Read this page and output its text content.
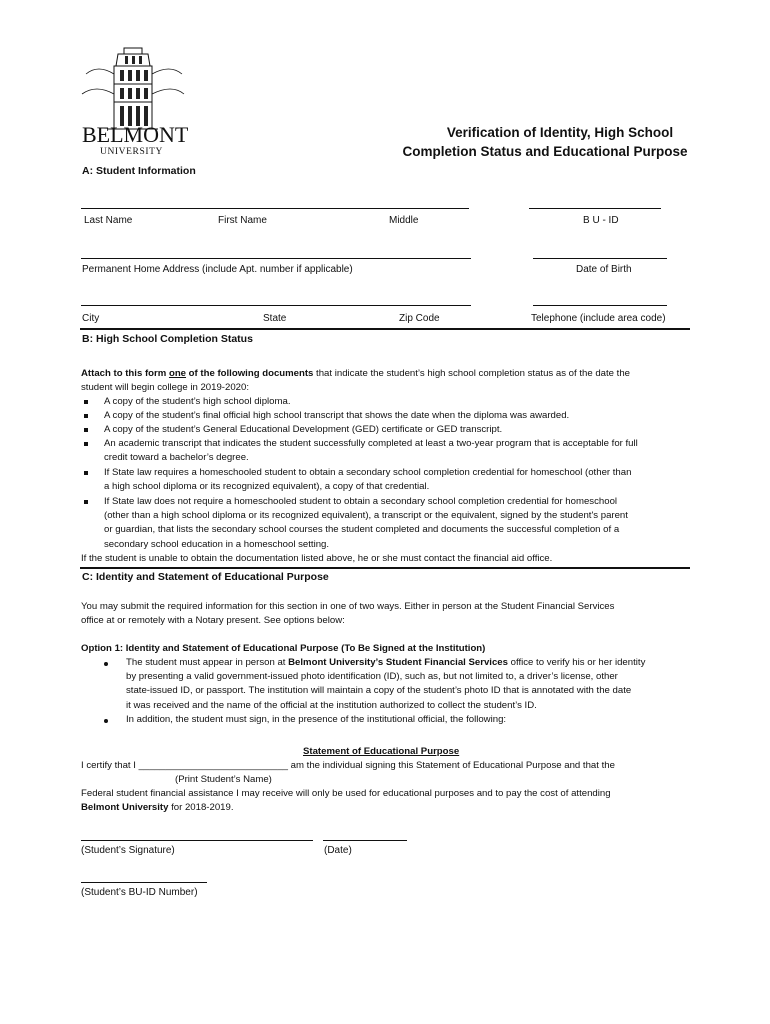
BELMONT
UNIVERSITY
Verification of Identity, High School
Completion Status and Educational Purpose
A: Student Information
Last Name	First Name	Middle	B U - ID
Permanent Home Address (include Apt. number if applicable)	Date of Birth
City	State	Zip Code	Telephone (include area code)
B: High School Completion Status
Attach to this form one of the following documents that indicate the student’s high school completion status as of the date the
student will begin college in 2019-2020:
A copy of the student’s high school diploma.
A copy of the student’s final official high school transcript that shows the date when the diploma was awarded.
A copy of the student’s General Educational Development (GED) certificate or GED transcript.
An academic transcript that indicates the student successfully completed at least a two-year program that is acceptable for full
credit toward a bachelor’s degree.
If State law requires a homeschooled student to obtain a secondary school completion credential for homeschool (other than
a high school diploma or its recognized equivalent), a copy of that credential.
If State law does not require a homeschooled student to obtain a secondary school completion credential for homeschool
(other than a high school diploma or its recognized equivalent), a transcript or the equivalent, signed by the student's parent
or guardian, that lists the secondary school courses the student completed and documents the successful completion of a
secondary school education in a homeschool setting.
If the student is unable to obtain the documentation listed above, he or she must contact the financial aid office.
C: Identity and Statement of Educational Purpose
You may submit the required information for this section in one of two ways. Either in person at the Student Financial Services
office at or remotely with a Notary present. See options below:
Option 1: Identity and Statement of Educational Purpose (To Be Signed at the Institution)
The student must appear in person at Belmont University’s Student Financial Services office to verify his or her identity
by presenting a valid government-issued photo identification (ID), such as, but not limited to, a driver’s license, other
state-issued ID, or passport. The institution will maintain a copy of the student’s photo ID that is annotated with the date
it was received and the name of the official at the institution authorized to collect the student’s ID.
In addition, the student must sign, in the presence of the institutional official, the following:
Statement of Educational Purpose
I certify that I ____________________________ am the individual signing this Statement of Educational Purpose and that the
(Print Student’s Name)
Federal student financial assistance I may receive will only be used for educational purposes and to pay the cost of attending
Belmont University for 2018-2019.
(Student’s Signature)	(Date)
(Student’s BU-ID Number)
